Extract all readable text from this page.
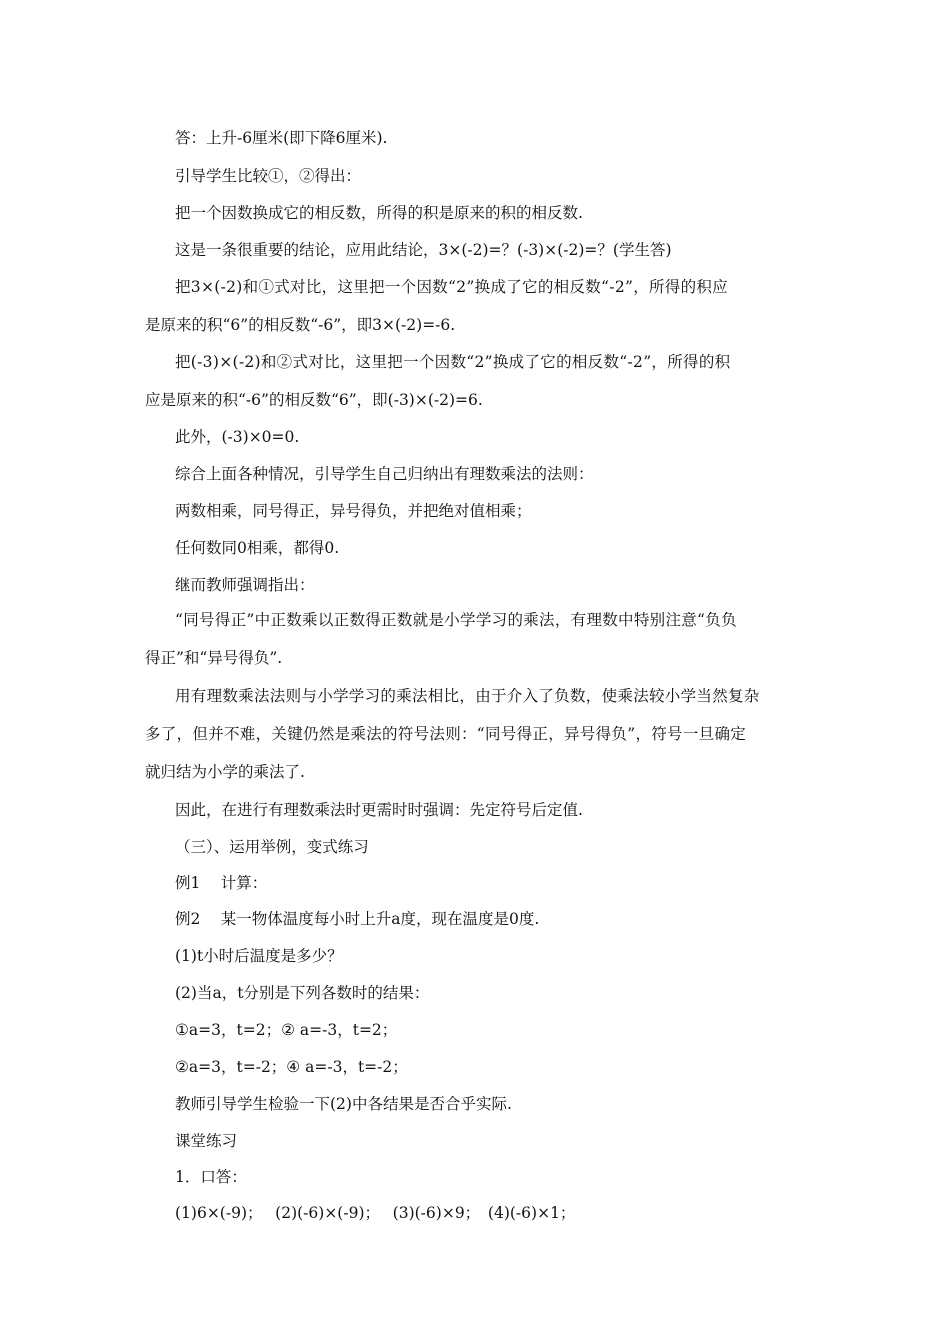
答：上升-6厘米(即下降6厘米).
引导学生比较①，②得出：
把一个因数换成它的相反数，所得的积是原来的积的相反数.
这是一条很重要的结论，应用此结论，3×(-2)=？(-3)×(-2)=？(学生答)
把3×(-2)和①式对比，这里把一个因数“2”换成了它的相反数“-2”，所得的积应
是原来的积“6”的相反数“-6”，即3×(-2)=-6.
把(-3)×(-2)和②式对比，这里把一个因数“2”换成了它的相反数“-2”，所得的积
应是原来的积“-6”的相反数“6”，即(-3)×(-2)=6.
此外，(-3)×0=0.
综合上面各种情况，引导学生自己归纳出有理数乘法的法则：
两数相乘，同号得正，异号得负，并把绝对值相乘；
任何数同0相乘，都得0.
继而教师强调指出：
“同号得正”中正数乘以正数得正数就是小学学习的乘法，有理数中特别注意“负负
得正”和“异号得负”.
用有理数乘法法则与小学学习的乘法相比，由于介入了负数，使乘法较小学当然复杂
多了，但并不难，关键仍然是乘法的符号法则：“同号得正，异号得负”，符号一旦确定
就归结为小学的乘法了.
因此，在进行有理数乘法时更需时时强调：先定符号后定值.
（三）、运用举例，变式练习
例1　 计算：
例2　 某一物体温度每小时上升a度，现在温度是0度.
(1)t小时后温度是多少？
(2)当a，t分别是下列各数时的结果：
①a=3，t=2；② a=-3，t=2；
②a=3，t=-2；④ a=-3，t=-2；
教师引导学生检验一下(2)中各结果是否合乎实际.
课堂练习
1．口答：
(1)6×(-9)；　 (2)(-6)×(-9)；　 (3)(-6)×9；　(4)(-6)×1；
